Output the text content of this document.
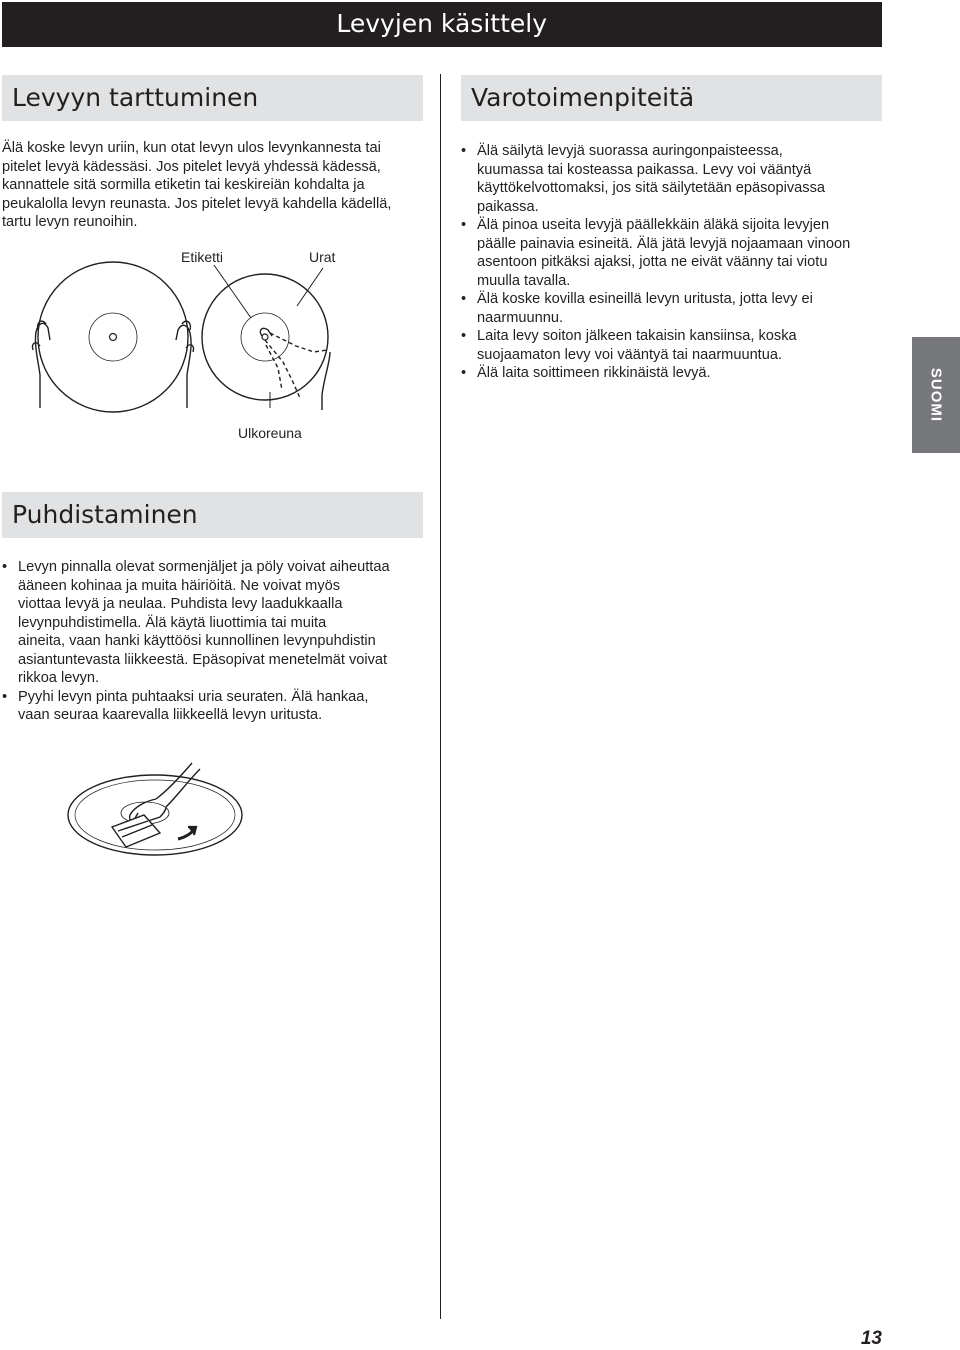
Levyjen käsittely
Levyyn tarttuminen
Älä koske levyn uriin, kun otat levyn ulos levynkannesta tai
pitelet levyä kädessäsi. Jos pitelet levyä yhdessä kädessä,
kannattele sitä sormilla etiketin tai keskireiän kohdalta ja
peukalolla levyn reunasta. Jos pitelet levyä kahdella kädellä,
tartu levyn reunoihin.
Etiketti	Urat
Ulkoreuna
Varotoimenpiteitä
• Älä säilytä levyjä suorassa auringonpaisteessa,
kuumassa tai kosteassa paikassa. Levy voi vääntyä
käyttökelvottomaksi, jos sitä säilytetään epäsopivassa
paikassa.
• Älä pinoa useita levyjä päällekkäin äläkä sijoita levyjen
päälle painavia esineitä. Älä jätä levyjä nojaamaan vinoon
asentoon pitkäksi ajaksi, jotta ne eivät väänny tai viotu
muulla tavalla.
• Älä koske kovilla esineillä levyn uritusta, jotta levy ei
naarmuunnu.
• Laita levy soiton jälkeen takaisin kansiinsa, koska
suojaamaton levy voi vääntyä tai naarmuuntua.
• Älä laita soittimeen rikkinäistä levyä.	SUOMI
Puhdistaminen
• Levyn pinnalla olevat sormenjäljet ja pöly voivat aiheuttaa
ääneen kohinaa ja muita häiriöitä. Ne voivat myös
viottaa levyä ja neulaa. Puhdista levy laadukkaalla
levynpuhdistimella. Älä käytä liuottimia tai muita
aineita, vaan hanki käyttöösi kunnollinen levynpuhdistin
asiantuntevasta liikkeestä. Epäsopivat menetelmät voivat
rikkoa levyn.
• Pyyhi levyn pinta puhtaaksi uria seuraten. Älä hankaa,
vaan seuraa kaarevalla liikkeellä levyn uritusta.
13
